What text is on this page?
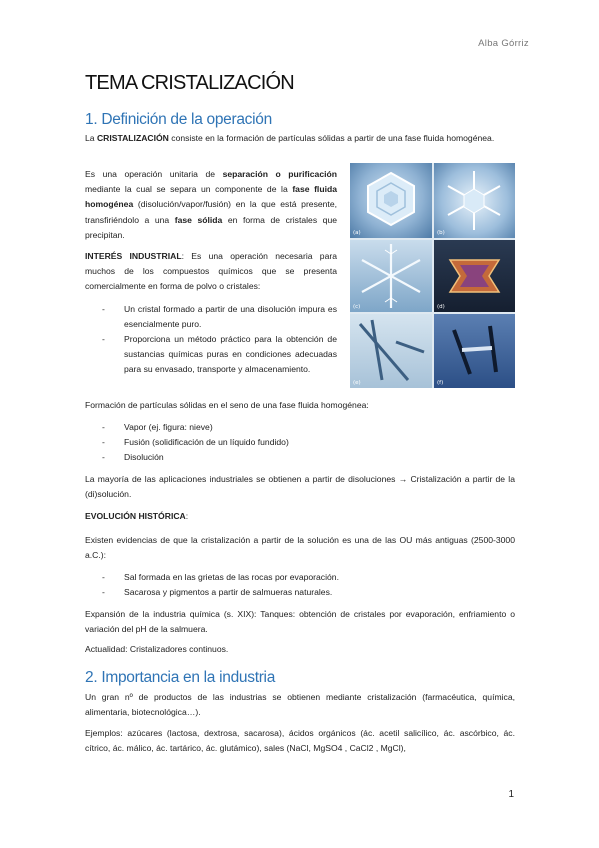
Alba Górriz
TEMA CRISTALIZACIÓN
1. Definición de la operación
La CRISTALIZACIÓN consiste en la formación de partículas sólidas a partir de una fase fluida homogénea.
Es una operación unitaria de separación o purificación mediante la cual se separa un componente de la fase fluida homogénea (disolución/vapor/fusión) en la que está presente, transfiriéndolo a una fase sólida en forma de cristales que precipitan.
INTERÉS INDUSTRIAL: Es una operación necesaria para muchos de los compuestos químicos que se presenta comercialmente en forma de polvo o cristales:
-	Un cristal formado a partir de una disolución impura es esencialmente puro.
-	Proporciona un método práctico para la obtención de sustancias químicas puras en condiciones adecuadas para su envasado, transporte y almacenamiento.
(a)	(b)
(c)	(d)
(e)	(f)
Formación de partículas sólidas en el seno de una fase fluida homogénea:
-	Vapor (ej. figura: nieve)
-	Fusión (solidificación de un líquido fundido)
-	Disolución
La mayoría de las aplicaciones industriales se obtienen a partir de disoluciones → Cristalización a partir de la (di)solución.
EVOLUCIÓN HISTÓRICA:
Existen evidencias de que la cristalización a partir de la solución es una de las OU más antiguas (2500-3000 a.C.):
-	Sal formada en las grietas de las rocas por evaporación.
-	Sacarosa y pigmentos a partir de salmueras naturales.
Expansión de la industria química (s. XIX): Tanques: obtención de cristales por evaporación, enfriamiento o variación del pH de la salmuera.
Actualidad: Cristalizadores continuos.
2. Importancia en la industria
Un gran nº de productos de las industrias se obtienen mediante cristalización (farmacéutica, química, alimentaria, biotecnológica…).
Ejemplos: azúcares (lactosa, dextrosa, sacarosa), ácidos orgánicos (ác. acetil salicílico, ác. ascórbico, ác. cítrico, ác. málico, ác. tartárico, ác. glutámico), sales (NaCl, MgSO4 , CaCl2 , MgCl),
1
